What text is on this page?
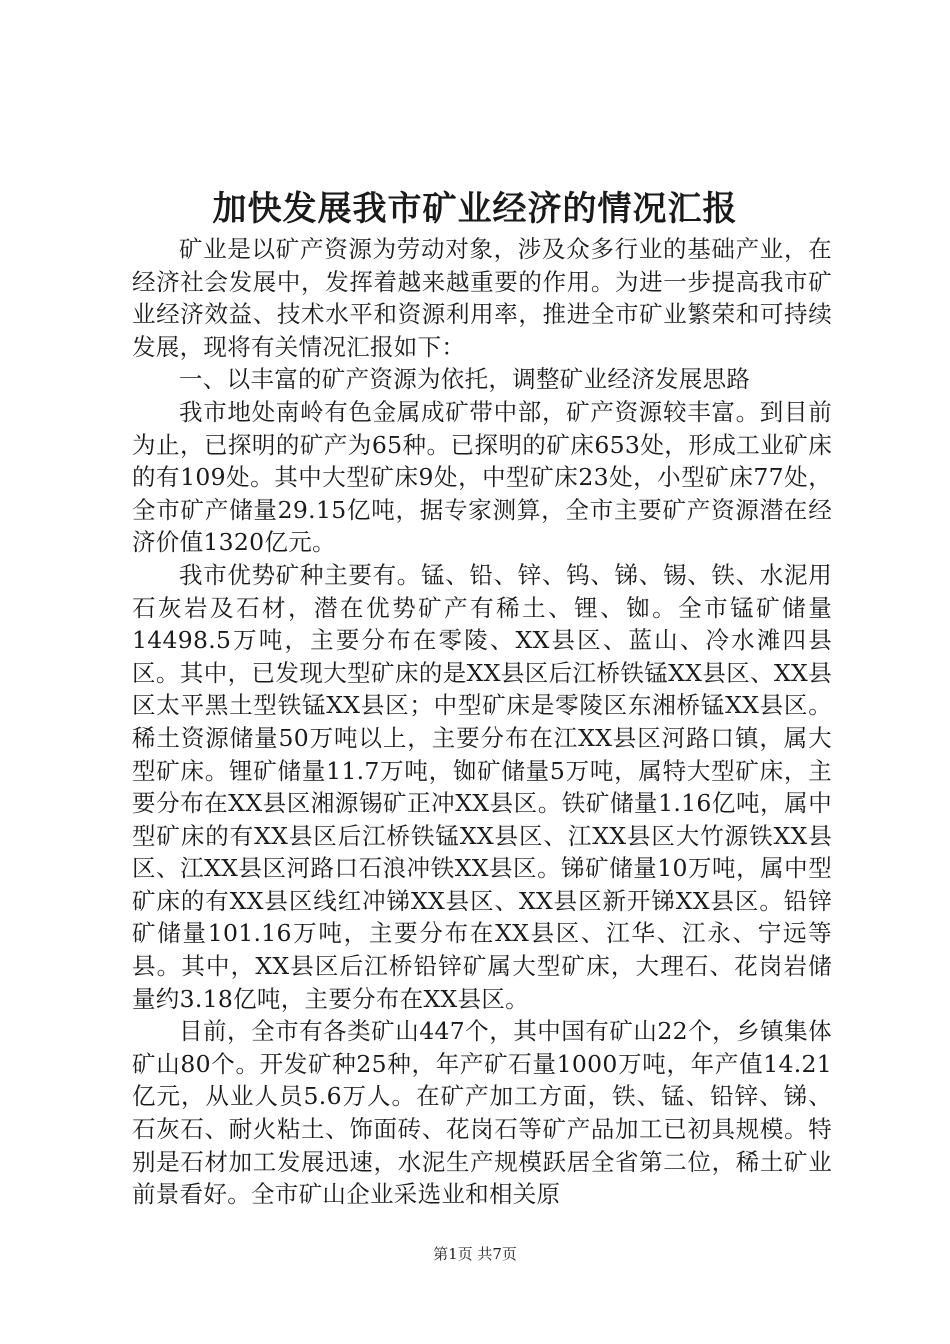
加快发展我市矿业经济的情况汇报

矿业是以矿产资源为劳动对象，涉及众多行业的基础产业，在经济社会发展中，发挥着越来越重要的作用。为进一步提高我市矿业经济效益、技术水平和资源利用率，推进全市矿业繁荣和可持续发展，现将有关情况汇报如下：

一、以丰富的矿产资源为依托，调整矿业经济发展思路

我市地处南岭有色金属成矿带中部，矿产资源较丰富。到目前为止，已探明的矿产为65种。已探明的矿床653处，形成工业矿床的有109处。其中大型矿床9处，中型矿床23处，小型矿床77处，全市矿产储量29.15亿吨，据专家测算，全市主要矿产资源潜在经济价值1320亿元。

我市优势矿种主要有。锰、铅、锌、钨、锑、锡、铁、水泥用石灰岩及石材，潜在优势矿产有稀土、锂、铷。全市锰矿储量14498.5万吨，主要分布在零陵、XX县区、蓝山、冷水滩四县区。其中，已发现大型矿床的是XX县区后江桥铁锰XX县区、XX县区太平黑土型铁锰XX县区；中型矿床是零陵区东湘桥锰XX县区。稀土资源储量50万吨以上，主要分布在江XX县区河路口镇，属大型矿床。锂矿储量11.7万吨，铷矿储量5万吨，属特大型矿床，主要分布在XX县区湘源锡矿正冲XX县区。铁矿储量1.16亿吨，属中型矿床的有XX县区后江桥铁锰XX县区、江XX县区大竹源铁XX县区、江XX县区河路口石浪冲铁XX县区。锑矿储量10万吨，属中型矿床的有XX县区线红冲锑XX县区、XX县区新开锑XX县区。铅锌矿储量101.16万吨，主要分布在XX县区、江华、江永、宁远等县。其中，XX县区后江桥铅锌矿属大型矿床，大理石、花岗岩储量约3.18亿吨，主要分布在XX县区。

目前，全市有各类矿山447个，其中国有矿山22个，乡镇集体矿山80个。开发矿种25种，年产矿石量1000万吨，年产值14.21亿元，从业人员5.6万人。在矿产加工方面，铁、锰、铅锌、锑、石灰石、耐火粘土、饰面砖、花岗石等矿产品加工已初具规模。特别是石材加工发展迅速，水泥生产规模跃居全省第二位，稀土矿业前景看好。全市矿山企业采选业和相关原

第1页 共7页
